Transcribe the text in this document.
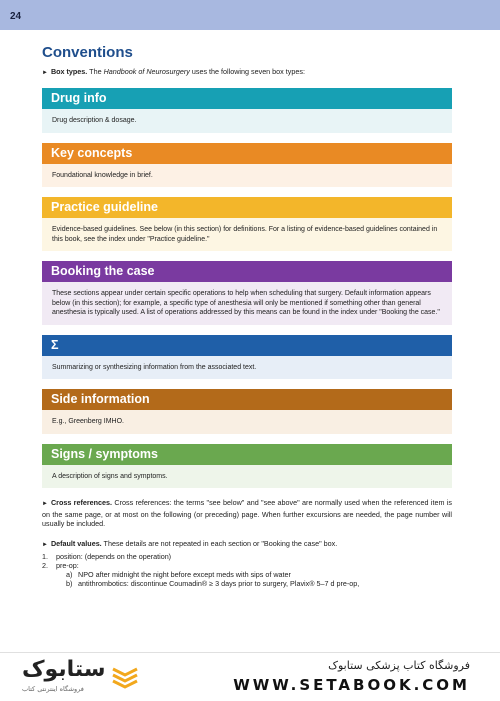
24
Conventions
► Box types. The Handbook of Neurosurgery uses the following seven box types:
Drug info
Drug description & dosage.
Key concepts
Foundational knowledge in brief.
Practice guideline
Evidence-based guidelines. See below (in this section) for definitions. For a listing of evidence-based guidelines contained in this book, see the index under "Practice guideline."
Booking the case
These sections appear under certain specific operations to help when scheduling that surgery. Default information appears below (in this section); for example, a specific type of anesthesia will only be mentioned if something other than general anesthesia is typically used. A list of operations addressed by this means can be found in the index under "Booking the case."
Σ
Summarizing or synthesizing information from the associated text.
Side information
E.g., Greenberg IMHO.
Signs / symptoms
A description of signs and symptoms.
► Cross references. Cross references: the terms "see below" and "see above" are normally used when the referenced item is on the same page, or at most on the following (or preceding) page. When further excursions are needed, the page number will usually be included.
► Default values. These details are not repeated in each section or "Booking the case" box.
1.	position: (depends on the operation)
2.	pre-op:
a) NPO after midnight the night before except meds with sips of water
b) antithrombotics: discontinue Coumadin® ≥ 3 days prior to surgery, Plavix® 5–7 d pre-op,
ستابوک
فروشگاه اینترنتی کتاب
فروشگاه کتاب پزشکی ستابوک
WWW.SETABOOK.COM
